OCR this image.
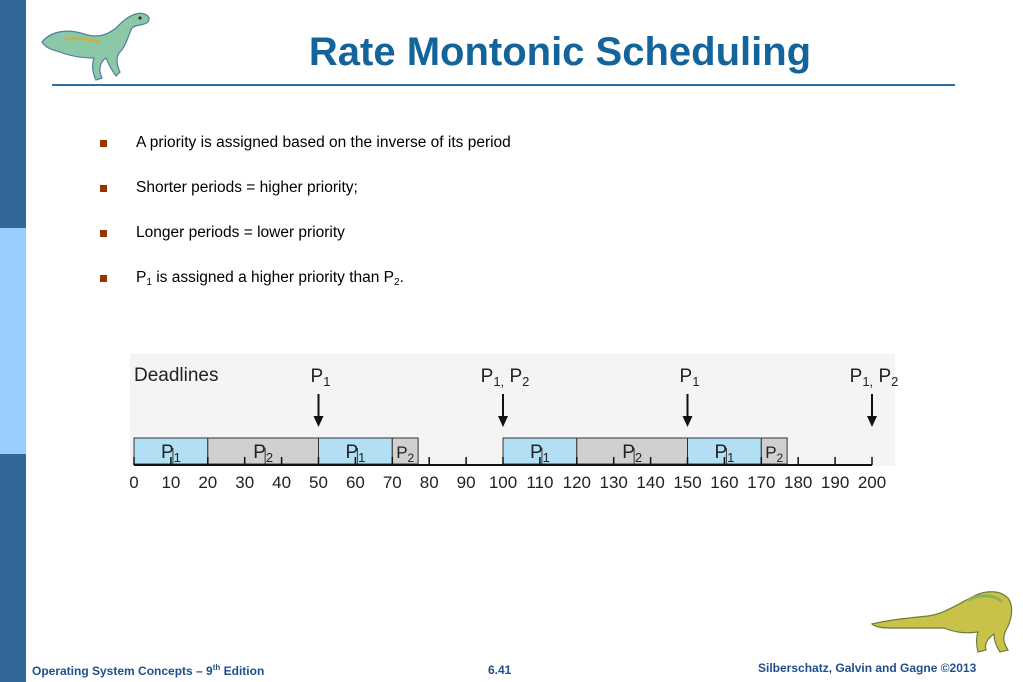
Rate Montonic Scheduling
A priority is assigned based on the inverse of its period
Shorter periods = higher priority;
Longer periods = lower priority
$P_1$ is assigned a higher priority than $P_2$.
Deadlines	$P_1$	$P_{1,}$ $P_2$	$P_1$	$P_{1,}$ $P_2$
$P_1$	$P_2$	$P_1$ $P_2$	$P_1$	$P_2$	$P_1$ $P_2$
0 10 20 30 40 50 60 70 80 90 100 110 120 130 140 150 160 170 180 190 200
Operating System Concepts – 9th Edition	6.41	Silberschatz, Galvin and Gagne ©2013
